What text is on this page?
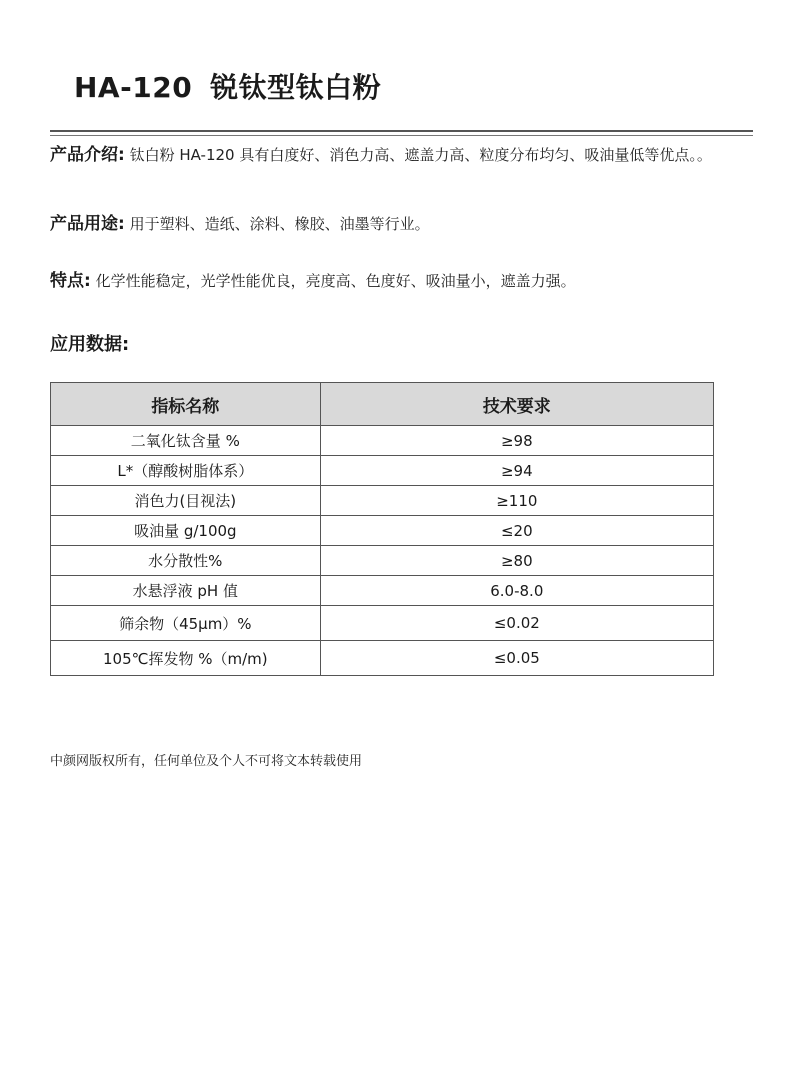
HA-120 锐钛型钛白粉
产品介绍: 钛白粉 HA-120 具有白度好、消色力高、遮盖力高、粒度分布均匀、吸油量低等优点。。
产品用途: 用于塑料、造纸、涂料、橡胶、油墨等行业。
特点: 化学性能稳定，光学性能优良，亮度高、色度好、吸油量小，遮盖力强。
应用数据:
指标名称	技术要求
二氧化钛含量 %	≥98
L*（醇酸树脂体系）	≥94
消色力(目视法)	≥110
吸油量 g/100g	≤20
水分散性%	≥80
水悬浮液 pH 值	6.0-8.0
筛余物（45μm）%	≤0.02
105℃挥发物 %（m/m)	≤0.05
中颜网版权所有，任何单位及个人不可将文本转载使用
